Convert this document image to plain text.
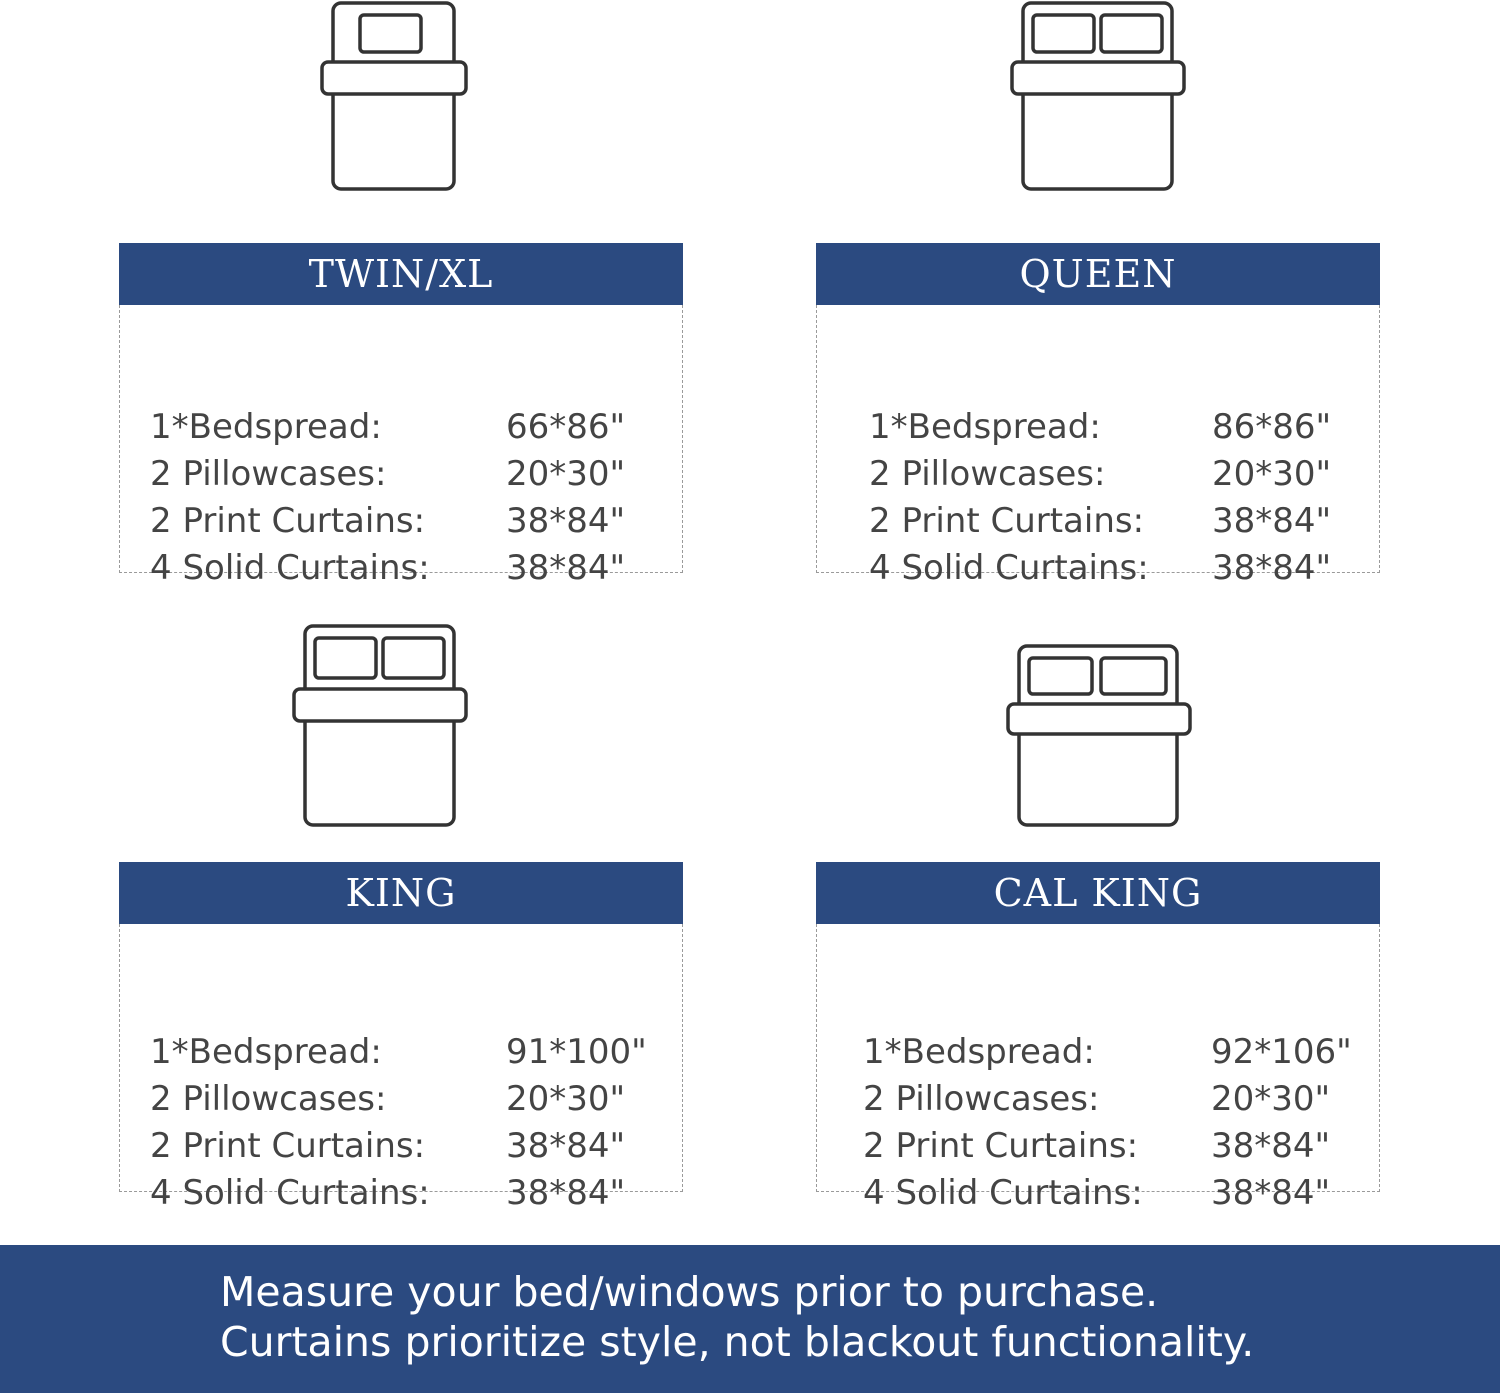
TWIN/XL
1*Bedspread:	66*86"
2 Pillowcases:	20*30"
2 Print Curtains: 38*84"
4 Solid Curtains: 38*84"
QUEEN
1*Bedspread:	86*86"
2 Pillowcases:	20*30"
2 Print Curtains: 38*84"
4 Solid Curtains: 38*84"
KING
1*Bedspread:	91*100"
2 Pillowcases:	20*30"
2 Print Curtains: 38*84"
4 Solid Curtains: 38*84"
CAL KING
1*Bedspread:	92*106"
2 Pillowcases:	20*30"
2 Print Curtains: 38*84"
4 Solid Curtains: 38*84"
Measure your bed/windows prior to purchase.
Curtains prioritize style, not blackout functionality.
